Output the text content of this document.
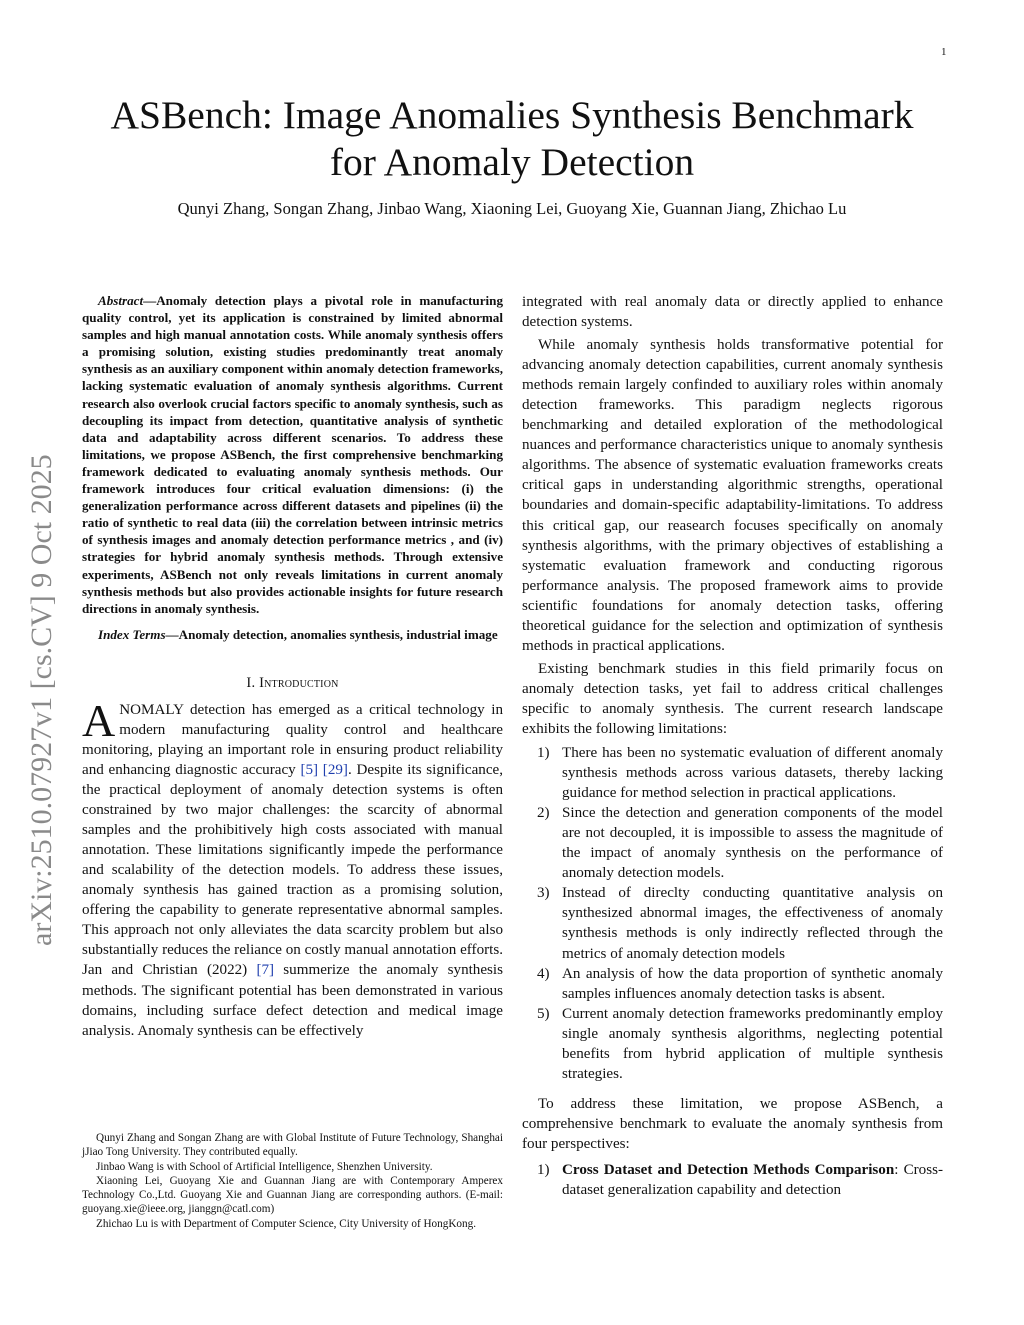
1
arXiv:2510.07927v1 [cs.CV] 9 Oct 2025
ASBench: Image Anomalies Synthesis Benchmark
for Anomaly Detection

Qunyi Zhang, Songan Zhang, Jinbao Wang, Xiaoning Lei, Guoyang Xie, Guannan Jiang, Zhichao Lu

Abstract—Anomaly detection plays a pivotal role in manufacturing quality control, yet its application is constrained by limited abnormal samples and high manual annotation costs. While anomaly synthesis offers a promising solution, existing studies predominantly treat anomaly synthesis as an auxiliary component within anomaly detection frameworks, lacking systematic evaluation of anomaly synthesis algorithms. Current research also overlook crucial factors specific to anomaly synthesis, such as decoupling its impact from detection, quantitative analysis of synthetic data and adaptability across different scenarios. To address these limitations, we propose ASBench, the first comprehensive benchmarking framework dedicated to evaluating anomaly synthesis methods. Our framework introduces four critical evaluation dimensions: (i) the generalization performance across different datasets and pipelines (ii) the ratio of synthetic to real data (iii) the correlation between intrinsic metrics of synthesis images and anomaly detection performance metrics , and (iv) strategies for hybrid anomaly synthesis methods. Through extensive experiments, ASBench not only reveals limitations in current anomaly synthesis methods but also provides actionable insights for future research directions in anomaly synthesis.

Index Terms—Anomaly detection, anomalies synthesis, industrial image

I. Introduction

ANOMALY detection has emerged as a critical technology in modern manufacturing quality control and healthcare monitoring, playing an important role in ensuring product reliability and enhancing diagnostic accuracy [5] [29]. Despite its significance, the practical deployment of anomaly detection systems is often constrained by two major challenges: the scarcity of abnormal samples and the prohibitively high costs associated with manual annotation. These limitations significantly impede the performance and scalability of the detection models. To address these issues, anomaly synthesis has gained traction as a promising solution, offering the capability to generate representative abnormal samples. This approach not only alleviates the data scarcity problem but also substantially reduces the reliance on costly manual annotation efforts. Jan and Christian (2022) [7] summerize the anomaly synthesis methods. The significant potential has been demonstrated in various domains, including surface defect detection and medical image analysis. Anomaly synthesis can be effectively

Qunyi Zhang and Songan Zhang are with Global Institute of Future Technology, Shanghai jJiao Tong University. They contributed equally.

Jinbao Wang is with School of Artificial Intelligence, Shenzhen University.

Xiaoning Lei, Guoyang Xie and Guannan Jiang are with Contemporary Amperex Technology Co.,Ltd. Guoyang Xie and Guannan Jiang are corresponding authors. (E-mail: guoyang.xie@ieee.org, jianggn@catl.com)

Zhichao Lu is with Department of Computer Science, City University of HongKong.

integrated with real anomaly data or directly applied to enhance detection systems.

While anomaly synthesis holds transformative potential for advancing anomaly detection capabilities, current anomaly synthesis methods remain largely confinded to auxiliary roles within anomaly detection frameworks. This paradigm neglects rigorous benchmarking and detailed exploration of the methodological nuances and performance characteristics unique to anomaly synthesis algorithms. The absence of systematic evaluation frameworks creats critical gaps in understanding algorithmic strengths, operational boundaries and domain-specific adaptability-limitations. To address this critical gap, our reasearch focuses specifically on anomaly synthesis algorithms, with the primary objectives of establishing a systematic evaluation framework and conducting rigorous performance analysis. The proposed framework aims to provide scientific foundations for anomaly detection tasks, offering theoretical guidance for the selection and optimization of synthesis methods in practical applications.

Existing benchmark studies in this field primarily focus on anomaly detection tasks, yet fail to address critical challenges specific to anomaly synthesis. The current research landscape exhibits the following limitations:

1) There has been no systematic evaluation of different anomaly synthesis methods across various datasets, thereby lacking guidance for method selection in practical applications.
2) Since the detection and generation components of the model are not decoupled, it is impossible to assess the magnitude of the impact of anomaly synthesis on the performance of anomaly detection models.
3) Instead of direclty conducting quantitative analysis on synthesized abnormal images, the effectiveness of anomaly synthesis methods is only indirectly reflected through the metrics of anomaly detection models
4) An analysis of how the data proportion of synthetic anomaly samples influences anomaly detection tasks is absent.
5) Current anomaly detection frameworks predominantly employ single anomaly synthesis algorithms, neglecting potential benefits from hybrid application of multiple synthesis strategies.

To address these limitation, we propose ASBench, a comprehensive benchmark to evaluate the anomaly synthesis from four perspectives:

1) Cross Dataset and Detection Methods Comparison: Cross-dataset generalization capability and detection
